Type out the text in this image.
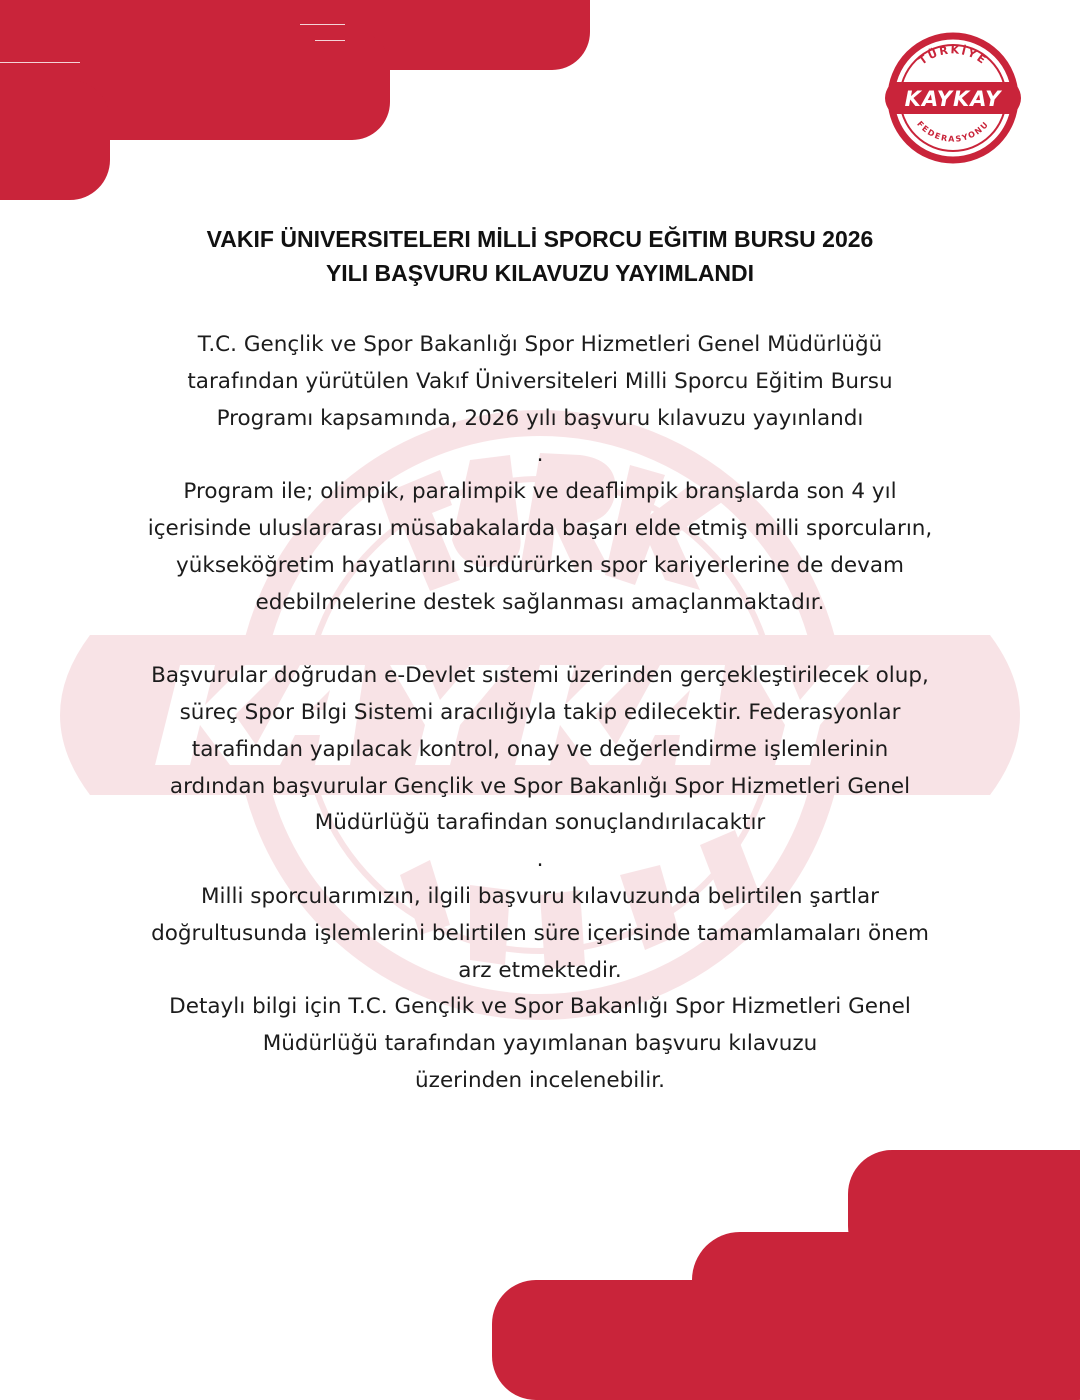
TÜRKİYE
FEDERASYONU
KAYKAY
VAKIF ÜNIVERSITELERI MİLLİ SPORCU EĞITIM BURSU 2026
YILI BAŞVURU KILAVUZU YAYIMLANDI
T.C. Gençlik ve Spor Bakanlığı Spor Hizmetleri Genel Müdürlüğü
tarafından yürütülen Vakıf Üniversiteleri Milli Sporcu Eğitim Bursu
Programı kapsamında, 2026 yılı başvuru kılavuzu yayınlandı
.
Program ile; olimpik, paralimpik ve deaflimpik branşlarda son 4 yıl
içerisinde uluslararası müsabakalarda başarı elde etmiş milli sporcuların,
yükseköğretim hayatlarını sürdürürken spor kariyerlerine de devam
edebilmelerine destek sağlanması amaçlanmaktadır.
Başvurular doğrudan e-Devlet sıstemi üzerinden gerçekleştirilecek olup,
süreç Spor Bilgi Sistemi aracılığıyla takip edilecektir. Federasyonlar
tarafindan yapılacak kontrol, onay ve değerlendirme işlemlerinin
ardından başvurular Gençlik ve Spor Bakanlığı Spor Hizmetleri Genel
Müdürlüğü tarafindan sonuçlandırılacaktır
.
Milli sporcularımızın, ilgili başvuru kılavuzunda belirtilen şartlar
doğrultusunda işlemlerini belirtilen süre içerisinde tamamlamaları önem
arz etmektedir.
Detaylı bilgi için T.C. Gençlik ve Spor Bakanlığı Spor Hizmetleri Genel
Müdürlüğü tarafından yayımlanan başvuru kılavuzu
üzerinden incelenebilir.
